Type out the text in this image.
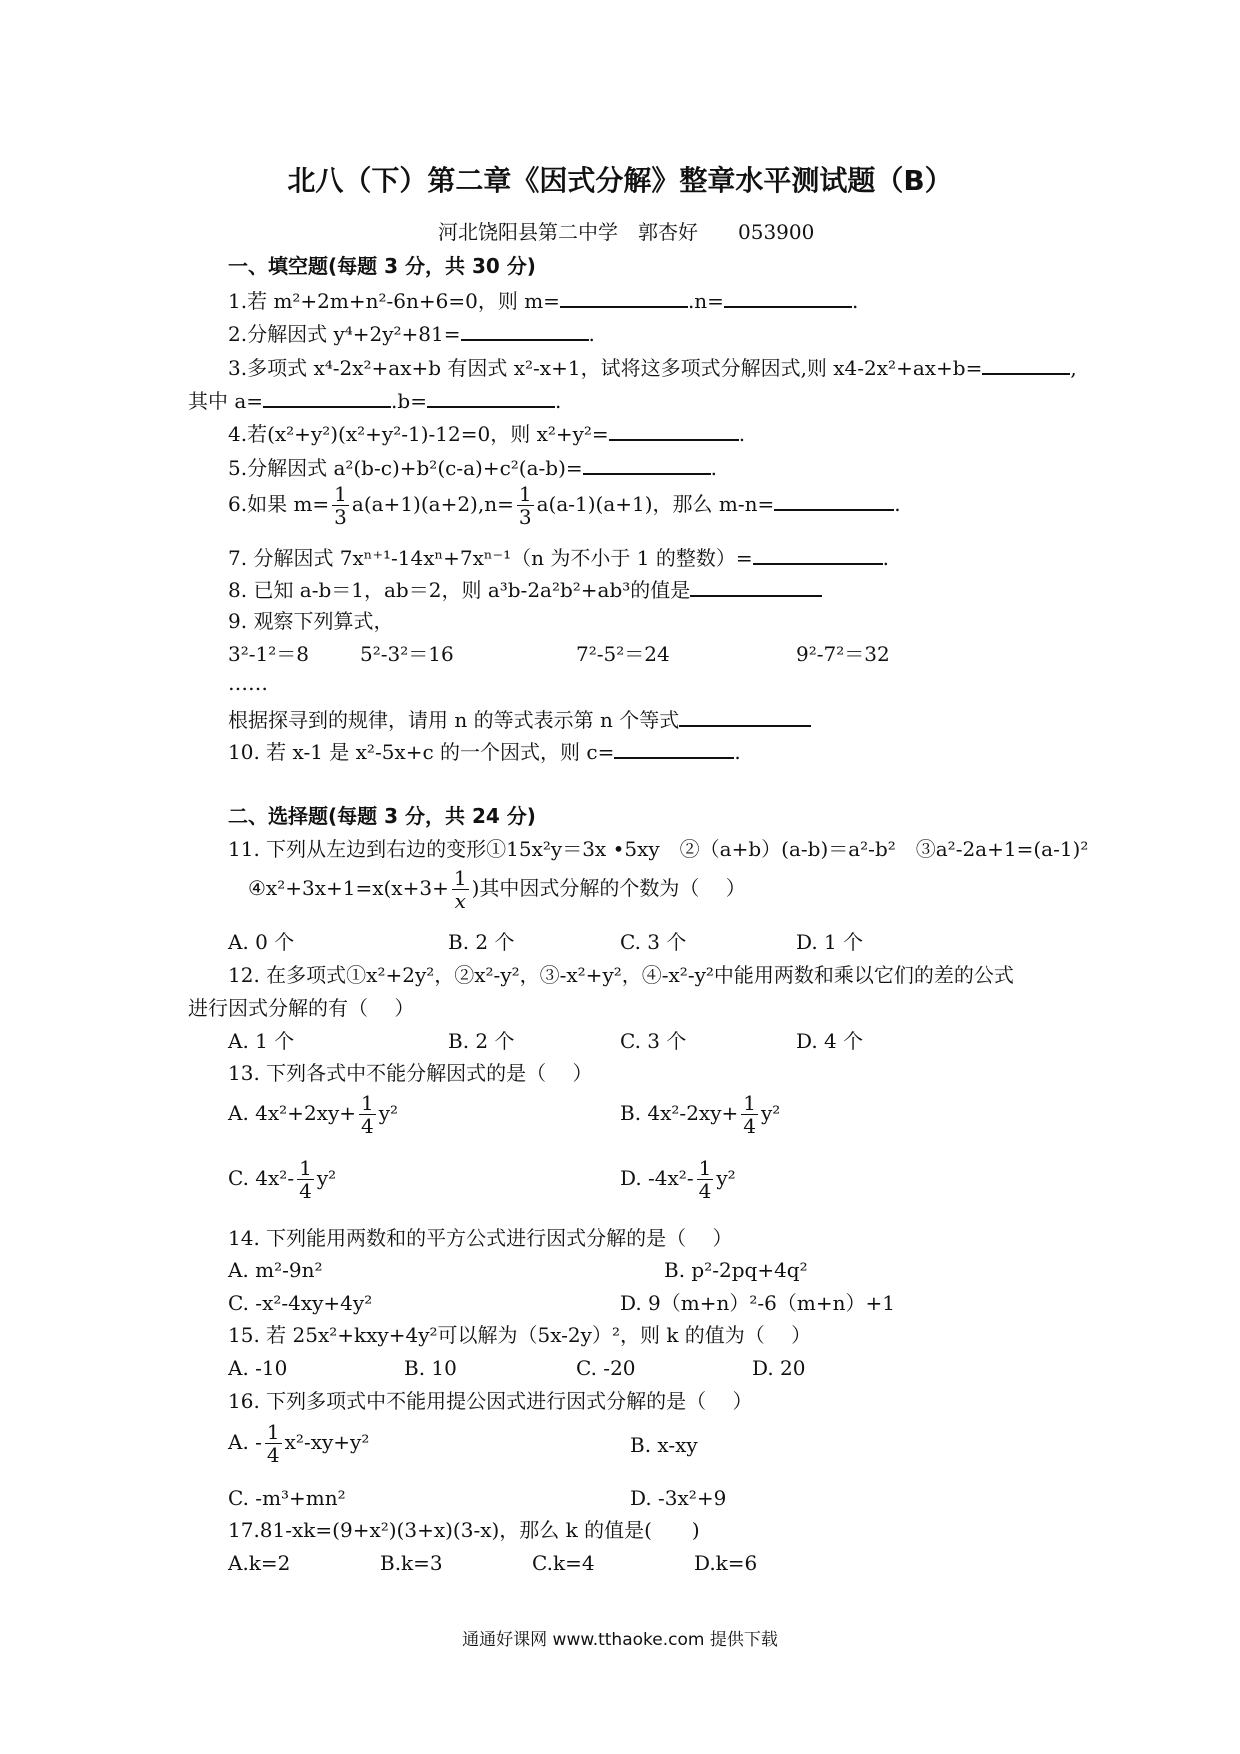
北八（下）第二章《因式分解》整章水平测试题（B）
河北饶阳县第二中学　郭杏好　　053900
一、填空题(每题 3 分，共 30 分)
1.若 m²+2m+n²-6n+6=0，则 m=	.n=	.
2.分解因式 y⁴+2y²+81=	.
3.多项式 x⁴-2x²+ax+b 有因式 x²-x+1，试将这多项式分解因式,则 x4-2x²+ax+b=	,
其中 a=	.b=	.
4.若(x²+y²)(x²+y²-1)-12=0，则 x²+y²=	.
5.分解因式 a²(b-c)+b²(c-a)+c²(a-b)=	.
6.如果 $m= \frac{1}{3} a(a+1)(a+2),n= \frac{1}{3} a(a-1)(a+1)$，那么 m-n=	.
7. 分解因式 7xⁿ⁺¹-14xⁿ+7xⁿ⁻¹（n 为不小于 1 的整数）=	.
8. 已知 a-b＝1，ab＝2，则 a³b-2a²b²+ab³的值是
9. 观察下列算式，
3²-1²＝8	5²-3²＝16	7²-5²＝24	9²-7²＝32
……
根据探寻到的规律，请用 n 的等式表示第 n 个等式
10. 若 x-1 是 x²-5x+c 的一个因式，则 c=	.
二、选择题(每题 3 分，共 24 分)
11. 下列从左边到右边的变形①15x²y＝3x •5xy　②（a+b）(a-b)＝a²-b²　③a²-2a+1=(a-1)²
④x²+3x+1=x(x+3+ $\frac{1}{x}$ )其中因式分解的个数为（　 ）
A. 0 个	B. 2 个	C. 3 个	D. 1 个
12. 在多项式①x²+2y²，②x²-y²，③-x²+y²，④-x²-y²中能用两数和乘以它们的差的公式
进行因式分解的有（　 ）
A. 1 个	B. 2 个	C. 3 个	D. 4 个
13. 下列各式中不能分解因式的是（　 ）
A. $4x^2+2xy+ \frac{1}{4} y^2$	B. $4x^2-2xy+ \frac{1}{4} y^2$
C. $4x^2- \frac{1}{4} y^2$	D. $-4x^2- \frac{1}{4} y^2$
14. 下列能用两数和的平方公式进行因式分解的是（　 ）
A. m²-9n²	B. p²-2pq+4q²
C. -x²-4xy+4y²	D. 9（m+n）²-6（m+n）+1
15. 若 25x²+kxy+4y²可以解为（5x-2y）²，则 k 的值为（　 ）
A. -10	B. 10	C. -20	D. 20
16. 下列多项式中不能用提公因式进行因式分解的是（　 ）
A. - $\frac{1}{4} x^2-xy+y^2$	B. x-xy
C. -m³+mn²	D. -3x²+9
17.81-xk=(9+x²)(3+x)(3-x)，那么 k 的值是(　　)
A.k=2	B.k=3	C.k=4	D.k=6
通通好课网 www.tthaoke.com 提供下载
